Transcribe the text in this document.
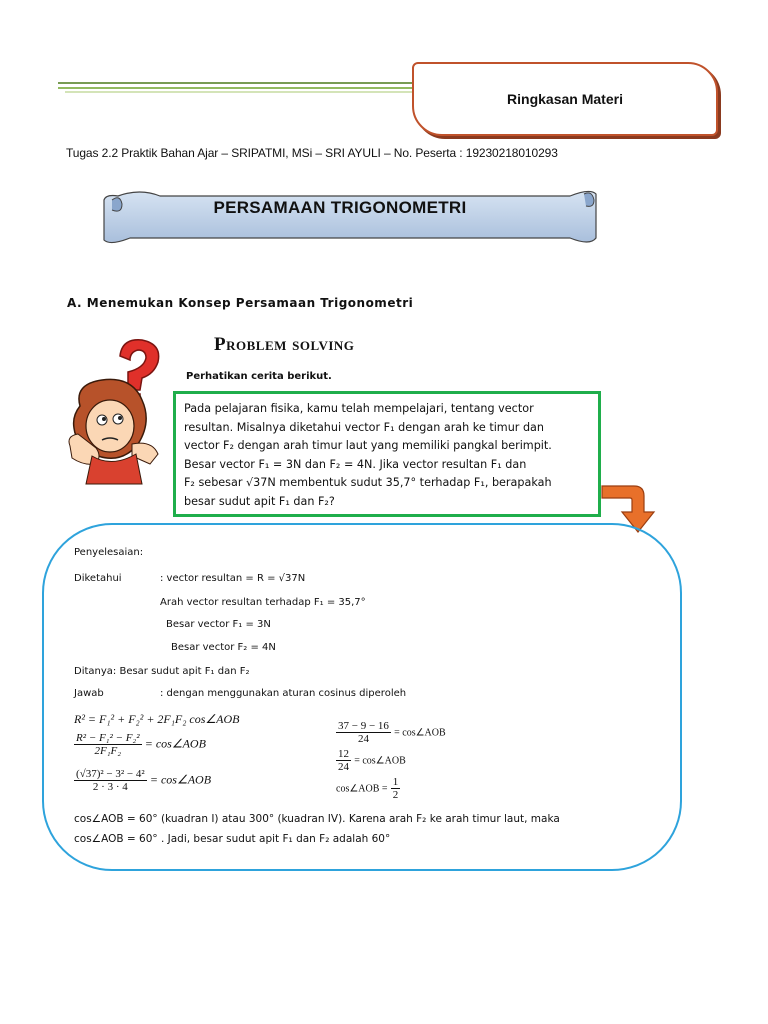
Ringkasan Materi
Tugas 2.2 Praktik Bahan Ajar – SRIPATMI, MSi – SRI AYULI – No. Peserta : 19230218010293
PERSAMAAN TRIGONOMETRI
A. Menemukan Konsep Persamaan Trigonometri
Problem solving
Perhatikan cerita berikut.
Pada pelajaran fisika, kamu telah mempelajari, tentang vector
resultan. Misalnya diketahui vector F₁ dengan arah ke timur dan
vector F₂ dengan arah timur laut yang memiliki pangkal berimpit.
Besar vector F₁ = 3N dan F₂ = 4N. Jika vector resultan F₁ dan
F₂ sebesar √37N membentuk sudut 35,7° terhadap F₁, berapakah
besar sudut apit F₁ dan F₂?
Penyelesaian:
Diketahui	: vector resultan = R = √37N
Arah vector resultan terhadap F₁ = 35,7°
Besar vector F₁ = 3N
Besar vector F₂ = 4N
Ditanya: Besar sudut apit F₁ dan F₂
Jawab	: dengan menggunakan aturan cosinus diperoleh
R² = F₁² + F₂² + 2F₁F₂ cos∠AOB
$\frac{\text{R² − F₁² − F₂²}}{\text{2F₁F₂}}$ = cos∠AOB
$\frac{\text{(√37)² − 3² − 4²}}{2 \cdot 3 \cdot 4}$ = cos∠AOB
$\frac{37 - 9 - 16}{24}$ = cos∠AOB
$\frac{12}{24}$ = cos∠AOB
cos∠AOB = $\frac{1}{2}$
cos∠AOB = 60° (kuadran I) atau 300° (kuadran IV). Karena arah F₂ ke arah timur laut, maka
cos∠AOB = 60° . Jadi, besar sudut apit F₁ dan F₂ adalah 60°
